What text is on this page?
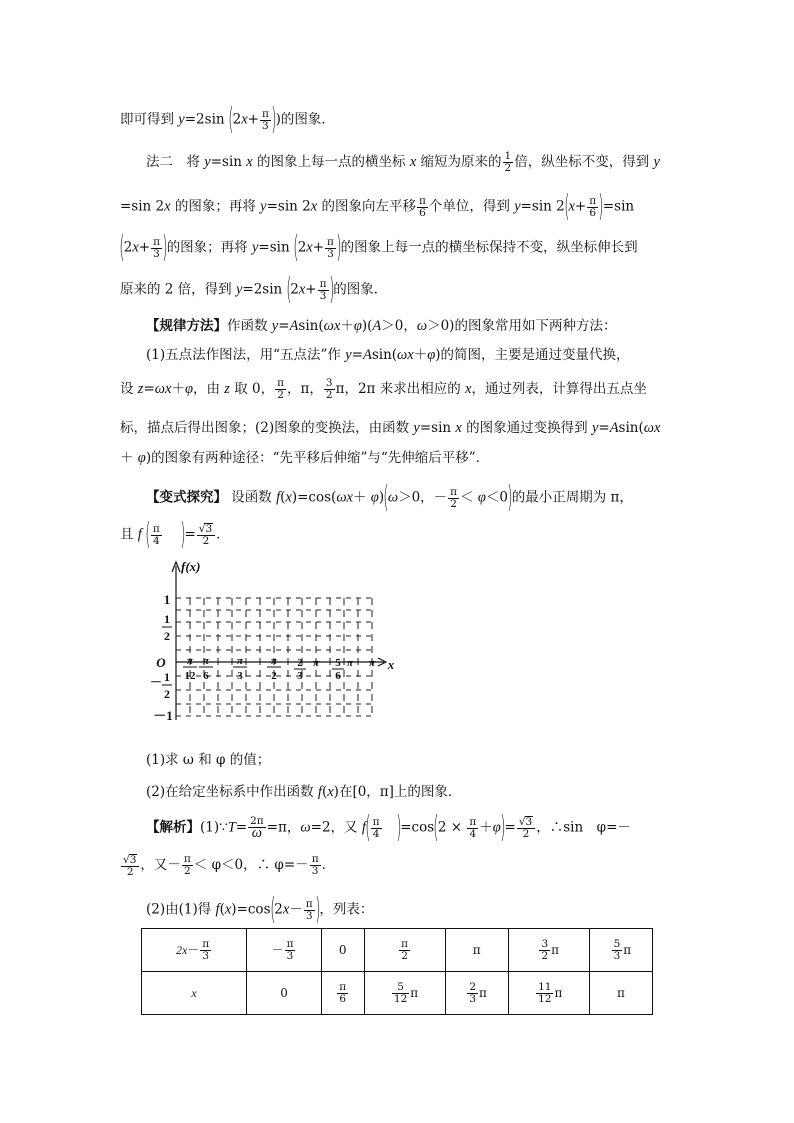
即可得到 y=2sin ($2x+ \frac{\pi}{3}$ ))的图象．
法二　将 y=sin x 的图象上每一点的横坐标 x 缩短为原来的 $\frac{1}{2}$ 倍，纵坐标不变，得到 y
=sin 2x 的图象；再将 y=sin 2x 的图象向左平移 $\frac{\pi}{6}$ 个单位，得到 y=sin $2(x+ \frac{\pi}{6} )=\sin$
($2x+ \frac{\pi}{3}$ )的图象；再将 y=sin ($2x+ \frac{\pi}{3}$ )的图象上每一点的横坐标保持不变，纵坐标伸长到
原来的 2 倍，得到 y=2sin ($2x+ \frac{\pi}{3}$ )的图象．
【规律方法】作函数 y=Asin(ωx＋φ)(A＞0，ω＞0)的图象常用如下两种方法：
(1)五点法作图法，用“五点法”作 y=Asin(ωx＋φ)的简图，主要是通过变量代换，
设 z=ωx＋φ，由 z 取 0， $\frac{\pi}{2}$ ，π， $\frac{3}{2}$ π，2π 来求出相应的 x，通过列表，计算得出五点坐
标，描点后得出图象；(2)图象的变换法，由函数 y=sin x 的图象通过变换得到 y=Asin(ωx
＋ φ)的图象有两种途径：“先平移后伸缩”与“先伸缩后平移”．
【变式探究】 设函数 f(x)=cos(ωx＋ φ)(ω＞0，－ $\frac{\pi}{2} < \varphi<0$)的最小正周期为 π，
且 f ( $\frac{\pi}{4}$ )= $\frac{√3}{2}$ ．
f(x)
O	x
1
1
2
－ 1
2
－1
π
12
π
6
π
3
π
2
2
3
π 5
6
π π
(1)求 ω 和 φ 的值；
(2)在给定坐标系中作出函数 f(x)在[0，π]上的图象．
【解析】(1)∵T= $\frac{2\pi}{\omega} =\pi$，ω=2，又 $f( \frac{\pi}{4} )=\cos(2 \times \frac{\pi}{4} +\varphi)= \frac{√3}{2}$ ，∴sin　φ=－
$\frac{√3}{2}$ ，又－ $\frac{\pi}{2} < \varphi<0$，∴ $\varphi=- \frac{\pi}{3}$ ．
(2)由(1)得 $f(x)=\cos(2x- \frac{\pi}{3}$ )，列表：
$2x- \frac{\pi}{3}$	－ $\frac{\pi}{3}$	0	$\frac{\pi}{2}$	π	$\frac{3}{2}$ π	$\frac{5}{3}$ π
x	0	$\frac{\pi}{6}$	$\frac{5}{12}$ π	$\frac{2}{3}$ π	$\frac{11}{12}$ π	π
